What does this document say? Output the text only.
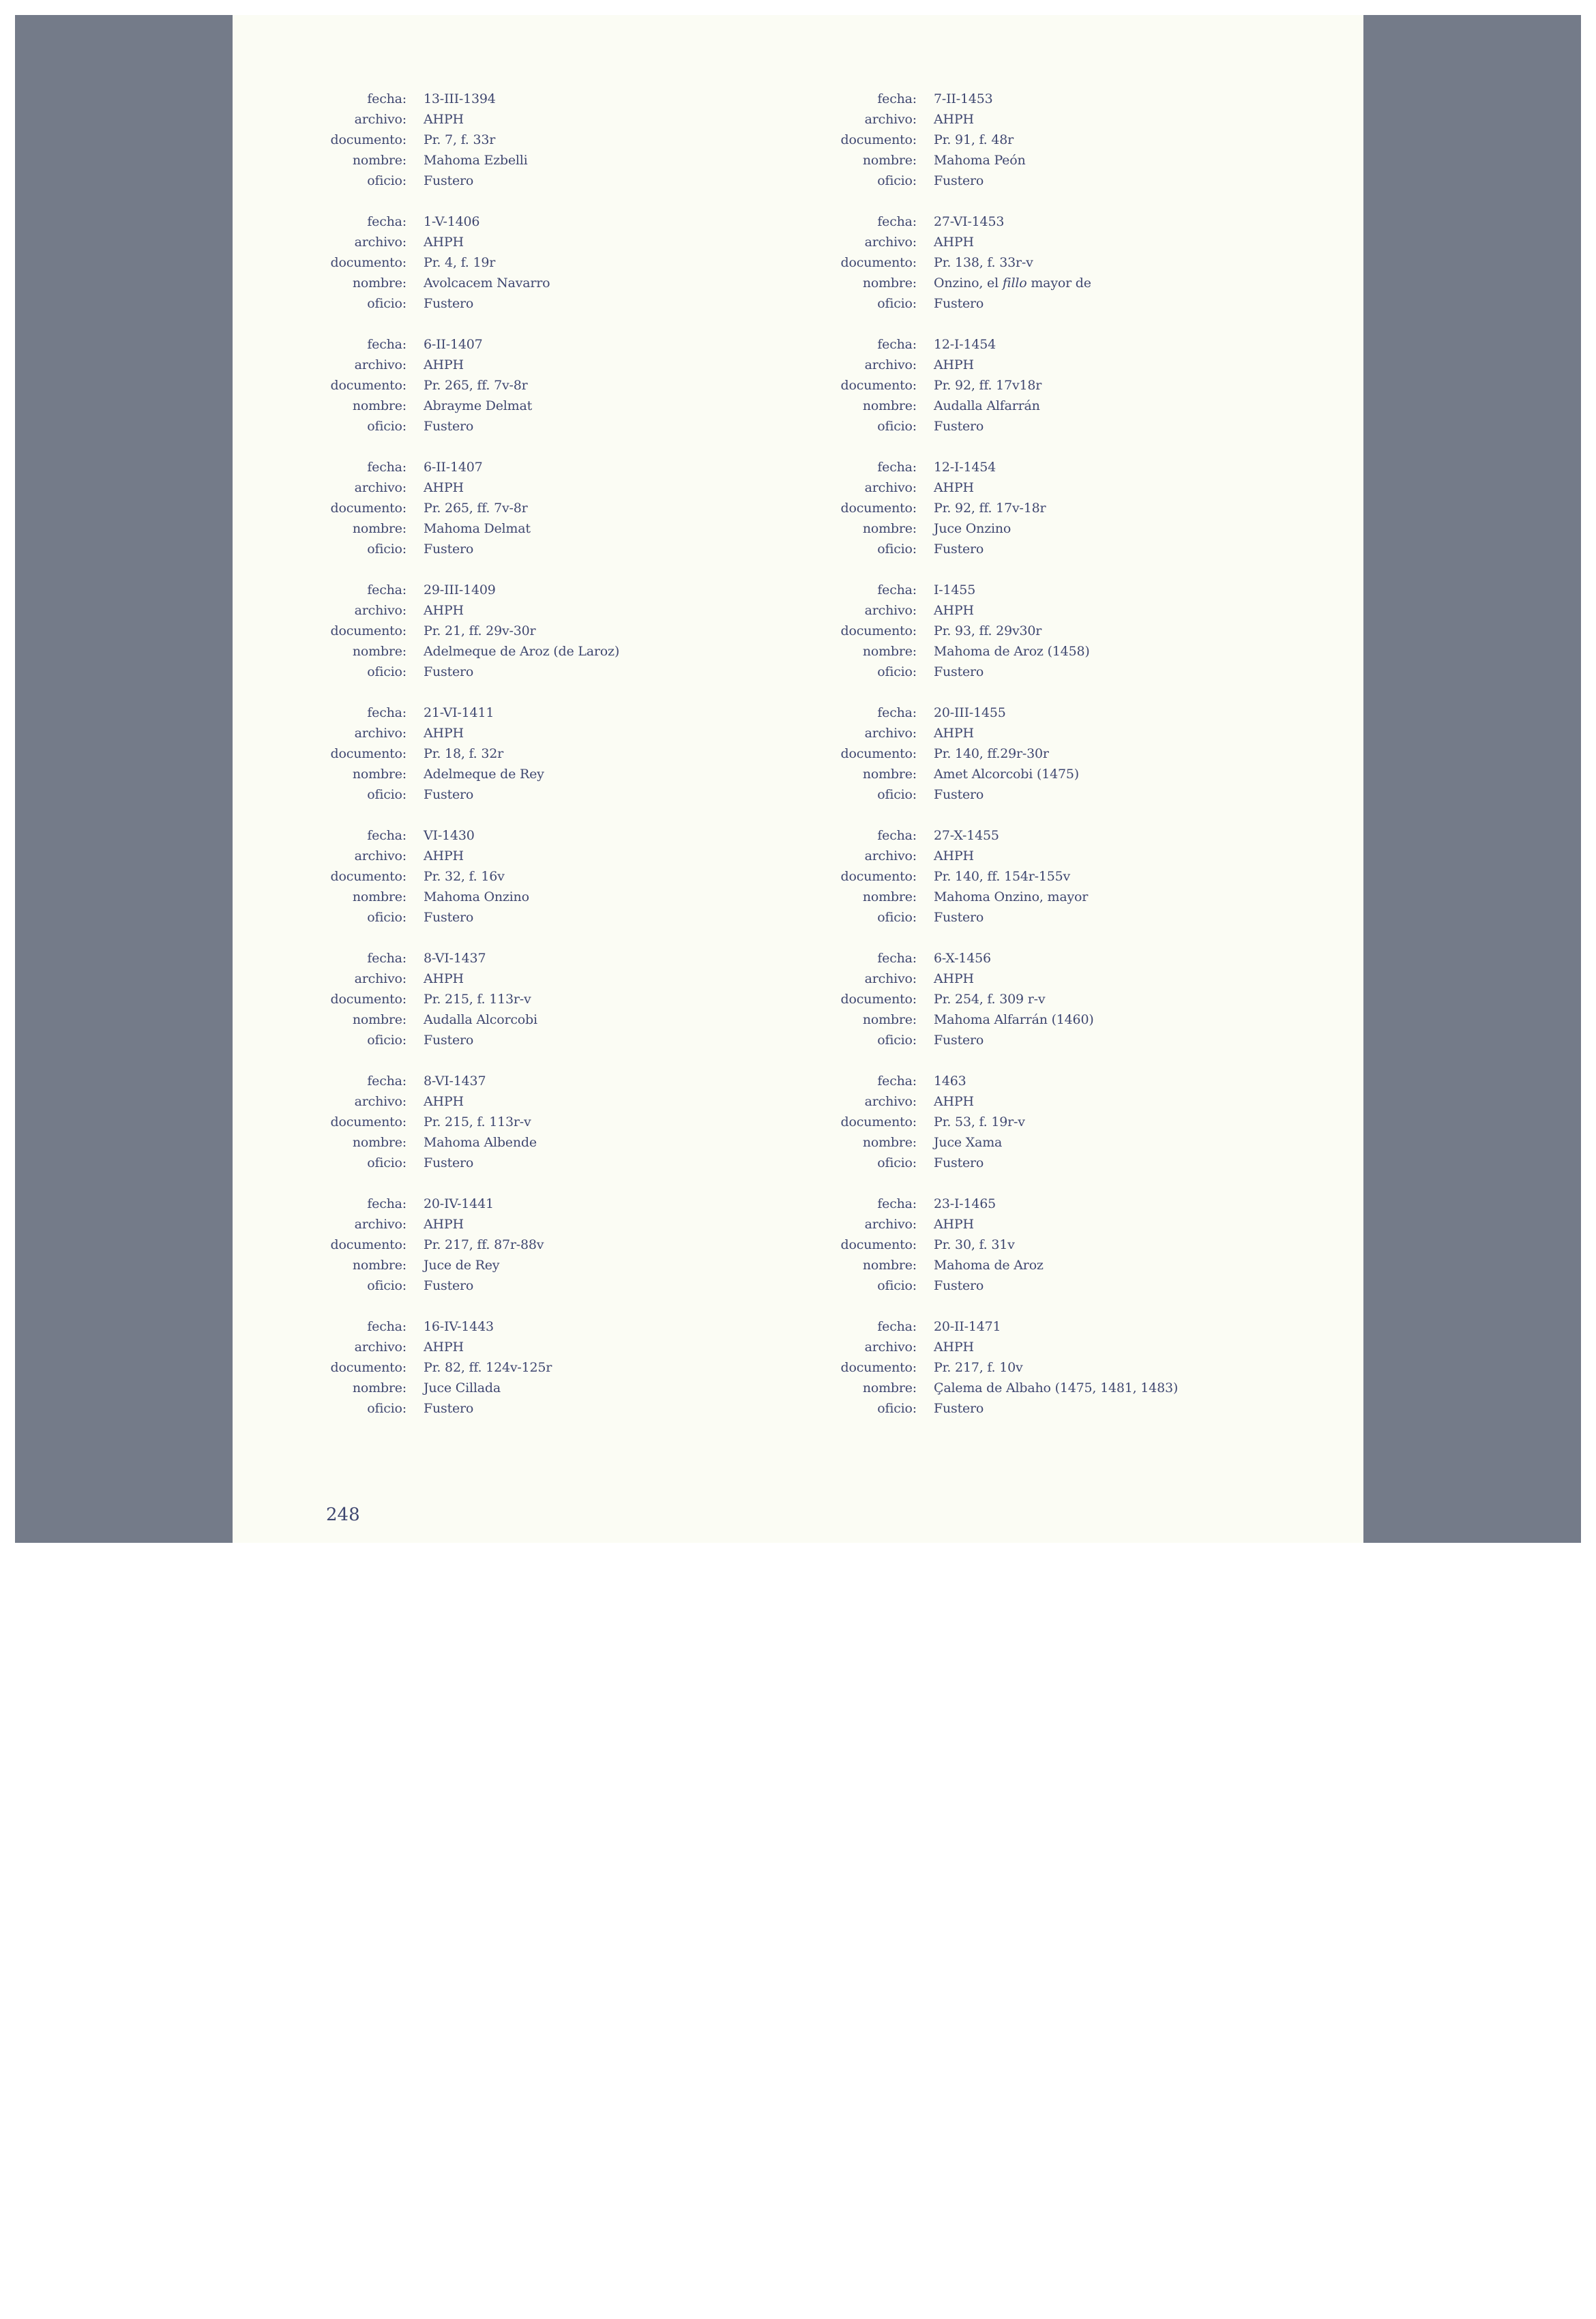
fecha:	13-III-1394
archivo:	AHPH
documento:	Pr. 7, f. 33r
nombre:	Mahoma Ezbelli
oficio:	Fustero
fecha:	1-V-1406
archivo:	AHPH
documento:	Pr. 4, f. 19r
nombre:	Avolcacem Navarro
oficio:	Fustero
fecha:	6-II-1407
archivo:	AHPH
documento:	Pr. 265, ff. 7v-8r
nombre:	Abrayme Delmat
oficio:	Fustero
fecha:	6-II-1407
archivo:	AHPH
documento:	Pr. 265, ff. 7v-8r
nombre:	Mahoma Delmat
oficio:	Fustero
fecha:	29-III-1409
archivo:	AHPH
documento:	Pr. 21, ff. 29v-30r
nombre:	Adelmeque de Aroz (de Laroz)
oficio:	Fustero
fecha:	21-VI-1411
archivo:	AHPH
documento:	Pr. 18, f. 32r
nombre:	Adelmeque de Rey
oficio:	Fustero
fecha:	VI-1430
archivo:	AHPH
documento:	Pr. 32, f. 16v
nombre:	Mahoma Onzino
oficio:	Fustero
fecha:	8-VI-1437
archivo:	AHPH
documento:	Pr. 215, f. 113r-v
nombre:	Audalla Alcorcobi
oficio:	Fustero
fecha:	8-VI-1437
archivo:	AHPH
documento:	Pr. 215, f. 113r-v
nombre:	Mahoma Albende
oficio:	Fustero
fecha:	20-IV-1441
archivo:	AHPH
documento:	Pr. 217, ff. 87r-88v
nombre:	Juce de Rey
oficio:	Fustero
fecha:	16-IV-1443
archivo:	AHPH
documento:	Pr. 82, ff. 124v-125r
nombre:	Juce Cillada
oficio:	Fustero
fecha:	7-II-1453
archivo:	AHPH
documento:	Pr. 91, f. 48r
nombre:	Mahoma Peón
oficio:	Fustero
fecha:	27-VI-1453
archivo:	AHPH
documento:	Pr. 138, f. 33r-v
nombre:	Onzino, el fillo mayor de
oficio:	Fustero
fecha:	12-I-1454
archivo:	AHPH
documento:	Pr. 92, ff. 17v18r
nombre:	Audalla Alfarrán
oficio:	Fustero
fecha:	12-I-1454
archivo:	AHPH
documento:	Pr. 92, ff. 17v-18r
nombre:	Juce Onzino
oficio:	Fustero
fecha:	I-1455
archivo:	AHPH
documento:	Pr. 93, ff. 29v30r
nombre:	Mahoma de Aroz (1458)
oficio:	Fustero
fecha:	20-III-1455
archivo:	AHPH
documento:	Pr. 140, ff.29r-30r
nombre:	Amet Alcorcobi (1475)
oficio:	Fustero
fecha:	27-X-1455
archivo:	AHPH
documento:	Pr. 140, ff. 154r-155v
nombre:	Mahoma Onzino, mayor
oficio:	Fustero
fecha:	6-X-1456
archivo:	AHPH
documento:	Pr. 254, f. 309 r-v
nombre:	Mahoma Alfarrán (1460)
oficio:	Fustero
fecha:	1463
archivo:	AHPH
documento:	Pr. 53, f. 19r-v
nombre:	Juce Xama
oficio:	Fustero
fecha:	23-I-1465
archivo:	AHPH
documento:	Pr. 30, f. 31v
nombre:	Mahoma de Aroz
oficio:	Fustero
fecha:	20-II-1471
archivo:	AHPH
documento:	Pr. 217, f. 10v
nombre:	Çalema de Albaho (1475, 1481, 1483)
oficio:	Fustero
248
